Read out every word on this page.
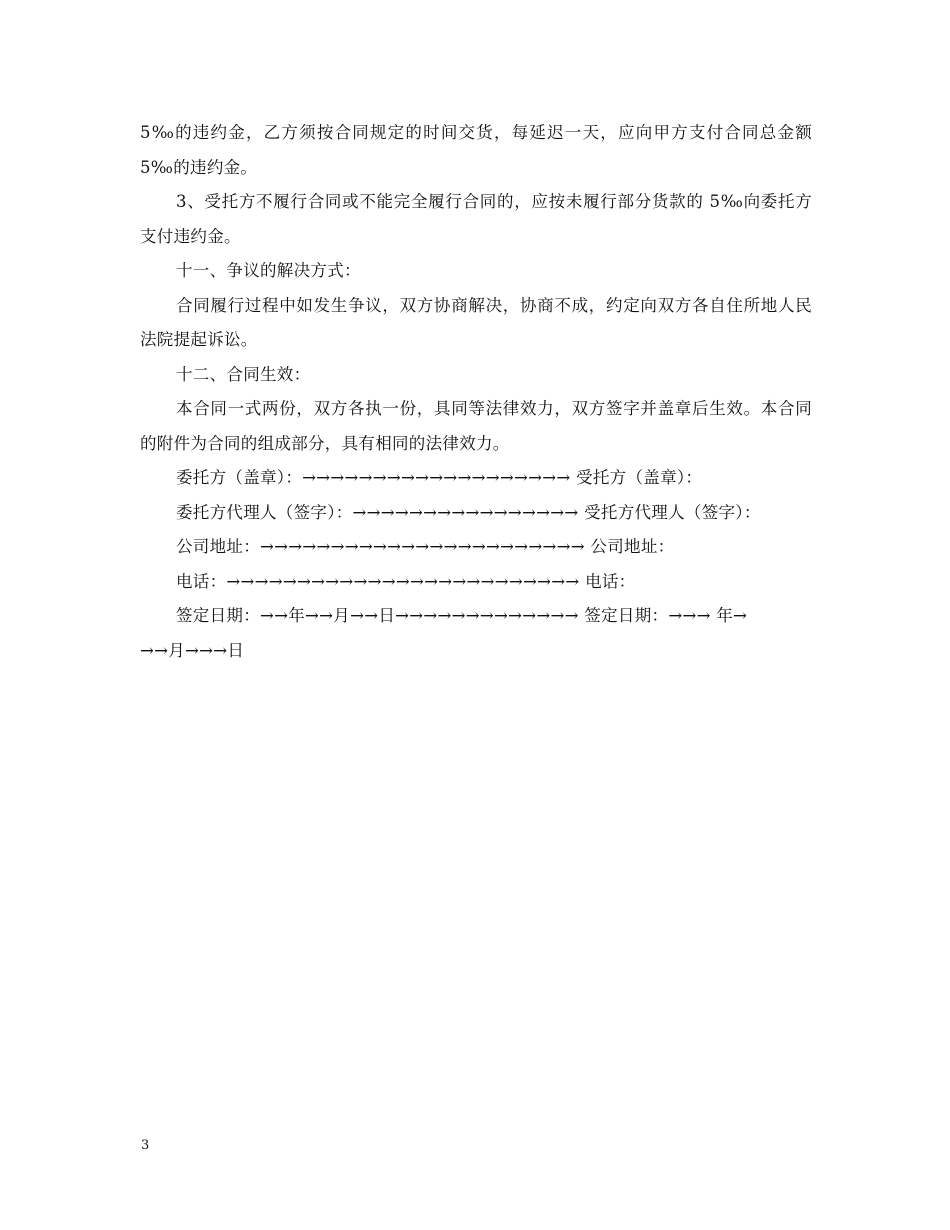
5‰的违约金，乙方须按合同规定的时间交货，每延迟一天，应向甲方支付合同总金额 5‰的违约金。

3、受托方不履行合同或不能完全履行合同的，应按未履行部分货款的 5‰向委托方支付违约金。

十一、争议的解决方式：

合同履行过程中如发生争议，双方协商解决，协商不成，约定向双方各自住所地人民法院提起诉讼。

十二、合同生效：

本合同一式两份，双方各执一份，具同等法律效力，双方签字并盖章后生效。本合同的附件为合同的组成部分，具有相同的法律效力。

委托方（盖章）：→→→→→→→→→→→→→→→→→→→ 受托方（盖章）：

委托方代理人（签字）：→→→→→→→→→→→→→→→→ 受托方代理人（签字）：

公司地址：→→→→→→→→→→→→→→→→→→→→→→→ 公司地址：

电话：→→→→→→→→→→→→→→→→→→→→→→→→→ 电话：

签定日期：→→年→→月→→日→→→→→→→→→→→→→ 签定日期：→→→ 年→

→→月→→→日

3
